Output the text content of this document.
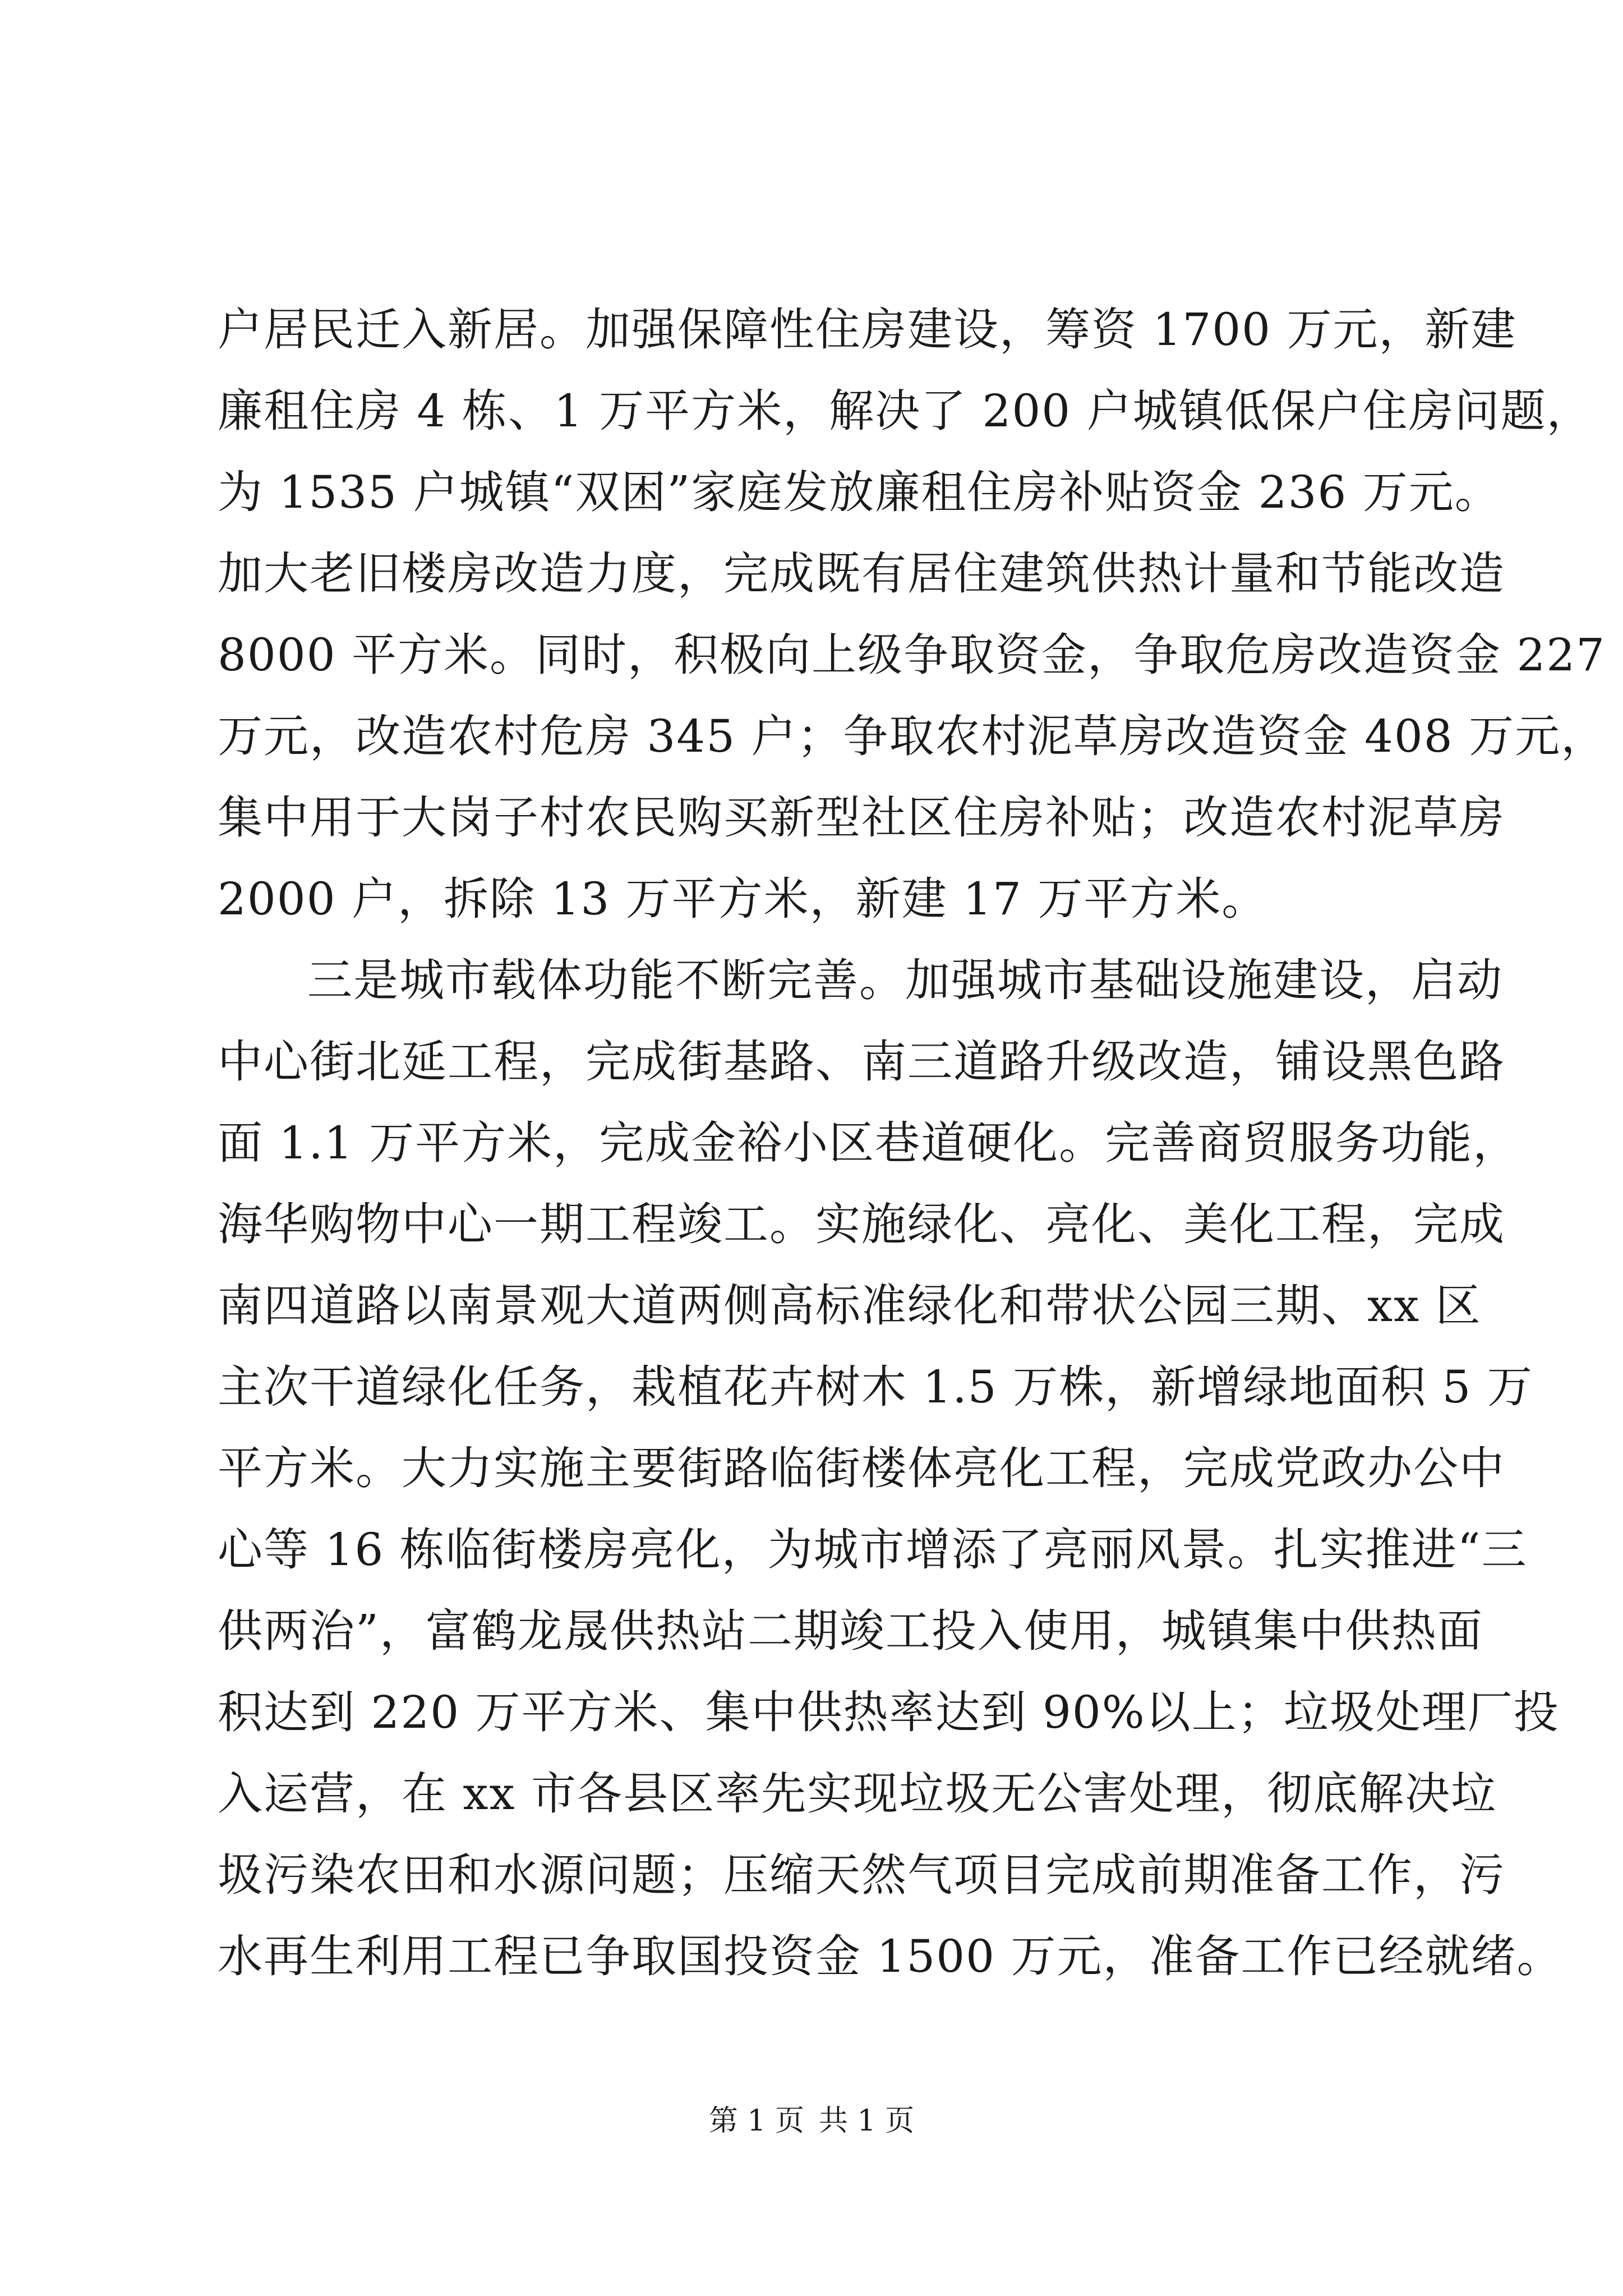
户居民迁入新居。加强保障性住房建设，筹资 1700 万元，新建
廉租住房 4 栋、1 万平方米，解决了 200 户城镇低保户住房问题，
为 1535 户城镇“双困”家庭发放廉租住房补贴资金 236 万元。
加大老旧楼房改造力度，完成既有居住建筑供热计量和节能改造
8000 平方米。同时，积极向上级争取资金，争取危房改造资金 227
万元，改造农村危房 345 户；争取农村泥草房改造资金 408 万元，
集中用于大岗子村农民购买新型社区住房补贴；改造农村泥草房
2000 户，拆除 13 万平方米，新建 17 万平方米。

三是城市载体功能不断完善。加强城市基础设施建设，启动
中心街北延工程，完成街基路、南三道路升级改造，铺设黑色路
面 1.1 万平方米，完成金裕小区巷道硬化。完善商贸服务功能，
海华购物中心一期工程竣工。实施绿化、亮化、美化工程，完成
南四道路以南景观大道两侧高标准绿化和带状公园三期、xx 区
主次干道绿化任务，栽植花卉树木 1.5 万株，新增绿地面积 5 万
平方米。大力实施主要街路临街楼体亮化工程，完成党政办公中
心等 16 栋临街楼房亮化，为城市增添了亮丽风景。扎实推进“三
供两治”，富鹤龙晟供热站二期竣工投入使用，城镇集中供热面
积达到 220 万平方米、集中供热率达到 90%以上；垃圾处理厂投
入运营，在 xx 市各县区率先实现垃圾无公害处理，彻底解决垃
圾污染农田和水源问题；压缩天然气项目完成前期准备工作，污
水再生利用工程已争取国投资金 1500 万元，准备工作已经就绪。

第 1 页 共 1 页
